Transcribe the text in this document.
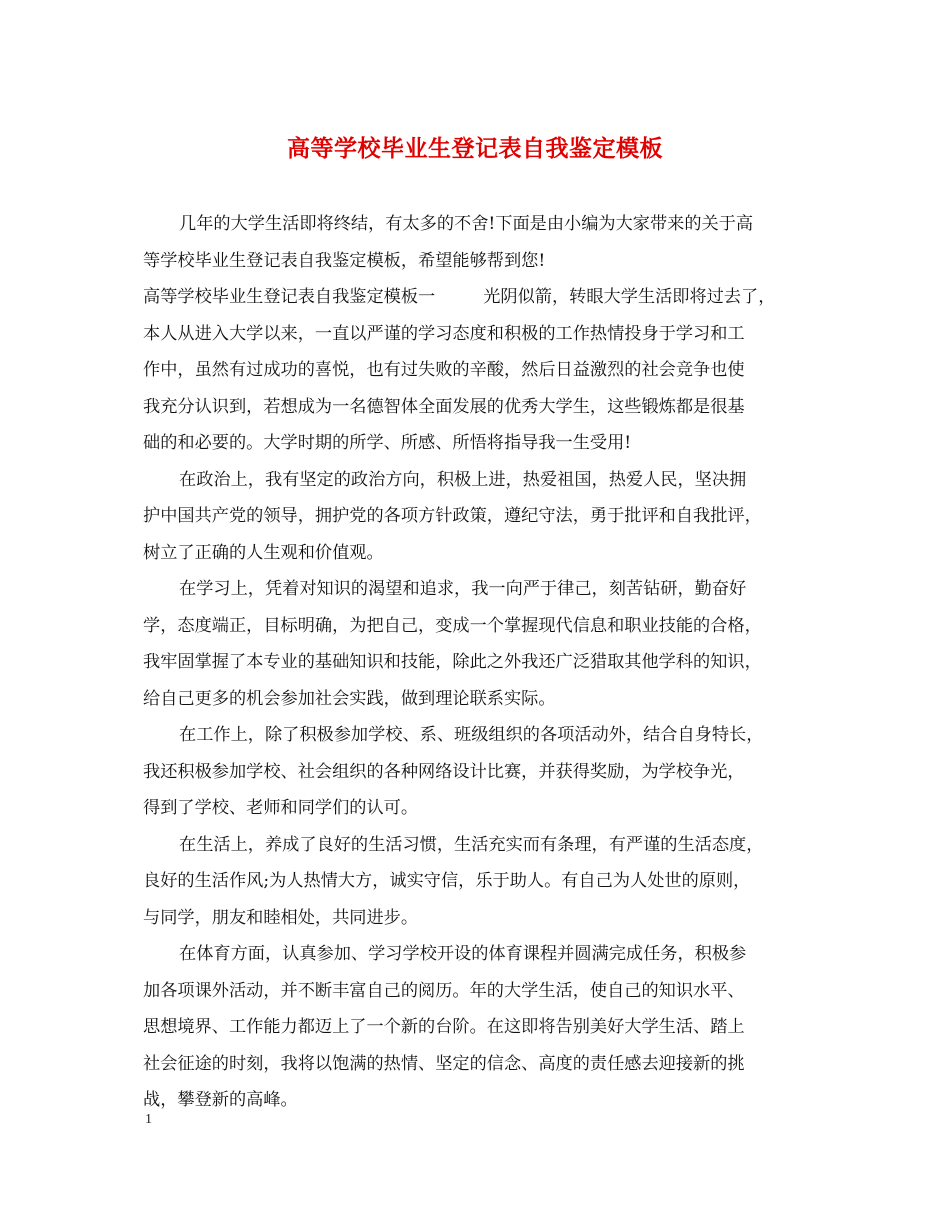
高等学校毕业生登记表自我鉴定模板
几年的大学生活即将终结，有太多的不舍!下面是由小编为大家带来的关于高
等学校毕业生登记表自我鉴定模板，希望能够帮到您!
高等学校毕业生登记表自我鉴定模板一	光阴似箭，转眼大学生活即将过去了，
本人从进入大学以来，一直以严谨的学习态度和积极的工作热情投身于学习和工
作中，虽然有过成功的喜悦，也有过失败的辛酸，然后日益激烈的社会竞争也使
我充分认识到，若想成为一名德智体全面发展的优秀大学生，这些锻炼都是很基
础的和必要的。大学时期的所学、所感、所悟将指导我一生受用!
在政治上，我有坚定的政治方向，积极上进，热爱祖国，热爱人民，坚决拥
护中国共产党的领导，拥护党的各项方针政策，遵纪守法，勇于批评和自我批评，
树立了正确的人生观和价值观。
在学习上，凭着对知识的渴望和追求，我一向严于律己，刻苦钻研，勤奋好
学，态度端正，目标明确，为把自己，变成一个掌握现代信息和职业技能的合格，
我牢固掌握了本专业的基础知识和技能，除此之外我还广泛猎取其他学科的知识，
给自己更多的机会参加社会实践，做到理论联系实际。
在工作上，除了积极参加学校、系、班级组织的各项活动外，结合自身特长，
我还积极参加学校、社会组织的各种网络设计比赛，并获得奖励，为学校争光，
得到了学校、老师和同学们的认可。
在生活上，养成了良好的生活习惯，生活充实而有条理，有严谨的生活态度，
良好的生活作风;为人热情大方，诚实守信，乐于助人。有自己为人处世的原则，
与同学，朋友和睦相处，共同进步。
在体育方面，认真参加、学习学校开设的体育课程并圆满完成任务，积极参
加各项课外活动，并不断丰富自己的阅历。年的大学生活，使自己的知识水平、
思想境界、工作能力都迈上了一个新的台阶。在这即将告别美好大学生活、踏上
社会征途的时刻，我将以饱满的热情、坚定的信念、高度的责任感去迎接新的挑
战，攀登新的高峰。
1
